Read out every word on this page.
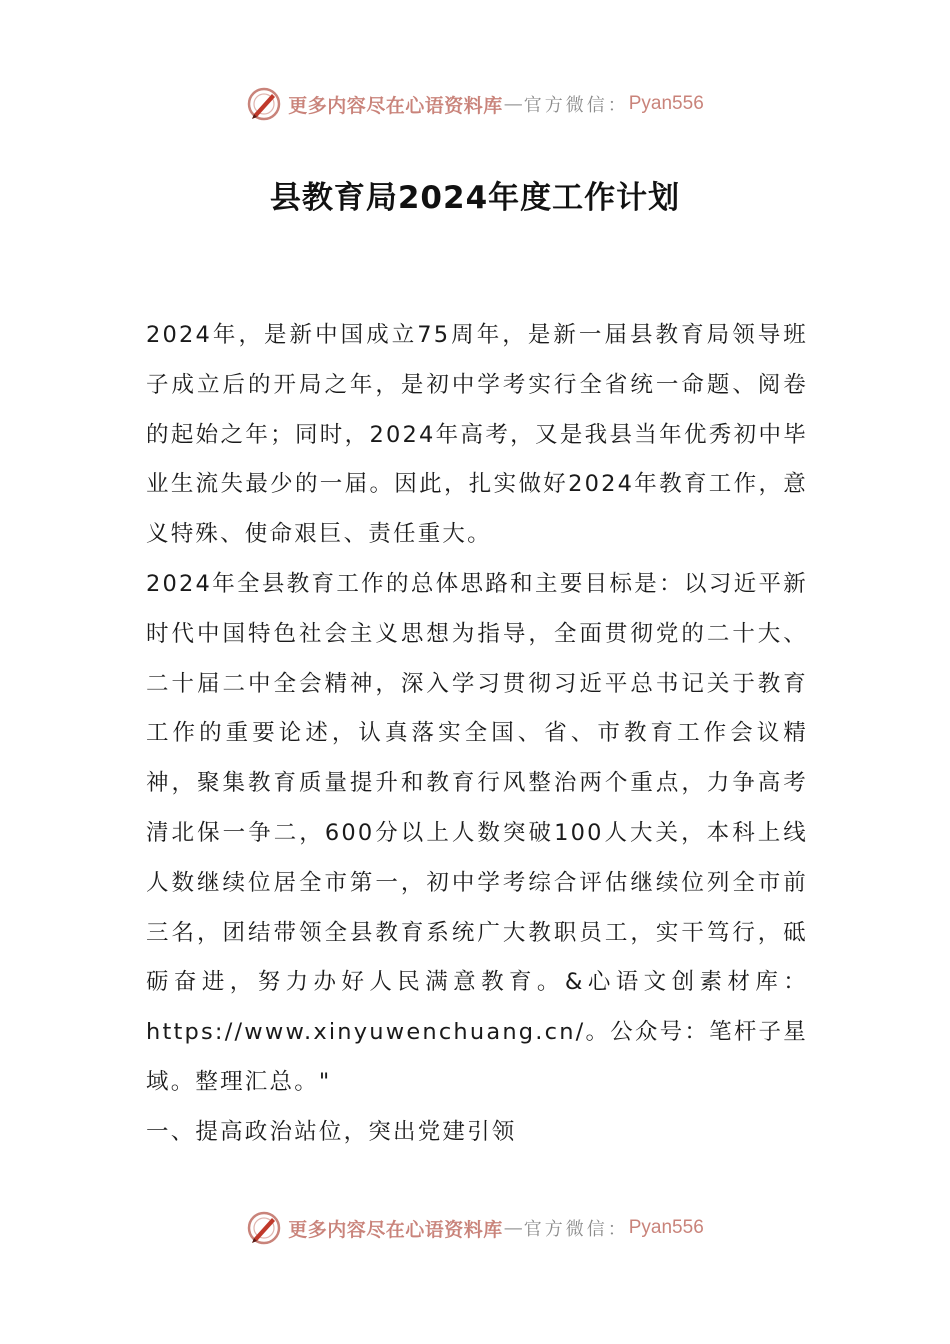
更多内容尽在心语资料库 — 官方微信： Pyan556
县教育局2024年度工作计划

2024年，是新中国成立75周年，是新一届县教育局领导班子成立后的开局之年，是初中学考实行全省统一命题、阅卷的起始之年；同时，2024年高考，又是我县当年优秀初中毕业生流失最少的一届。因此，扎实做好2024年教育工作，意义特殊、使命艰巨、责任重大。

2024年全县教育工作的总体思路和主要目标是：以习近平新时代中国特色社会主义思想为指导，全面贯彻党的二十大、二十届二中全会精神，深入学习贯彻习近平总书记关于教育工作的重要论述，认真落实全国、省、市教育工作会议精神，聚集教育质量提升和教育行风整治两个重点，力争高考清北保一争二，600分以上人数突破100人大关，本科上线人数继续位居全市第一，初中学考综合评估继续位列全市前三名，团结带领全县教育系统广大教职员工，实干笃行，砥砺奋进，努力办好人民满意教育。&心语文创素材库：https://www.xinyuwenchuang.cn/。公众号：笔杆子星域。整理汇总。"

一、提高政治站位，突出党建引领

更多内容尽在心语资料库 — 官方微信： Pyan556
